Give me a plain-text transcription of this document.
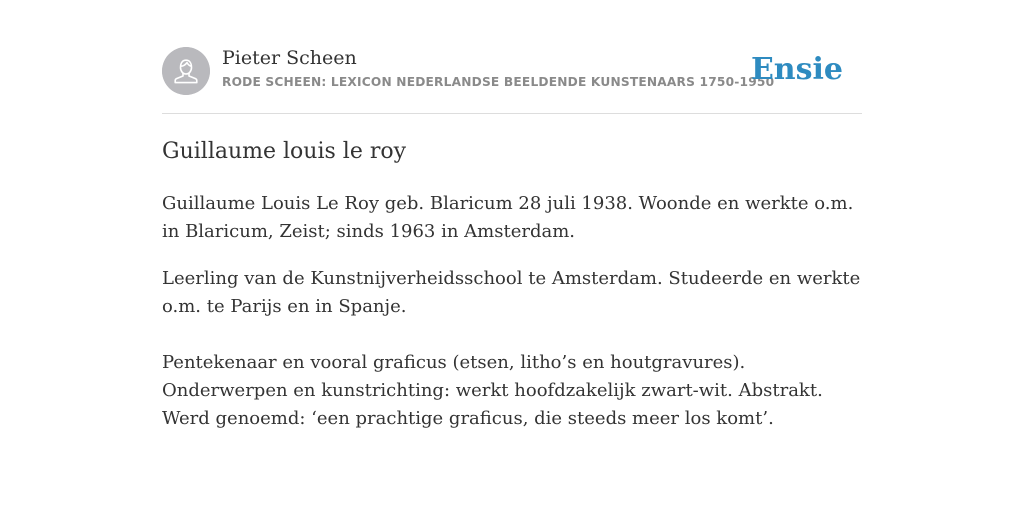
Pieter Scheen
RODE SCHEEN: LEXICON NEDERLANDSE BEELDENDE KUNSTENAARS 1750-1950
Ensie
Guillaume louis le roy

Guillaume Louis Le Roy geb. Blaricum 28 juli 1938. Woonde en werkte o.m. in Blaricum, Zeist; sinds 1963 in Amsterdam.

Leerling van de Kunstnijverheidsschool te Amsterdam. Studeerde en werkte o.m. te Parijs en in Spanje.

Pentekenaar en vooral graficus (etsen, litho’s en houtgravures). Onderwerpen en kunstrichting: werkt hoofdzakelijk zwart-wit. Abstrakt. Werd genoemd: ‘een prachtige graficus, die steeds meer los komt’.
